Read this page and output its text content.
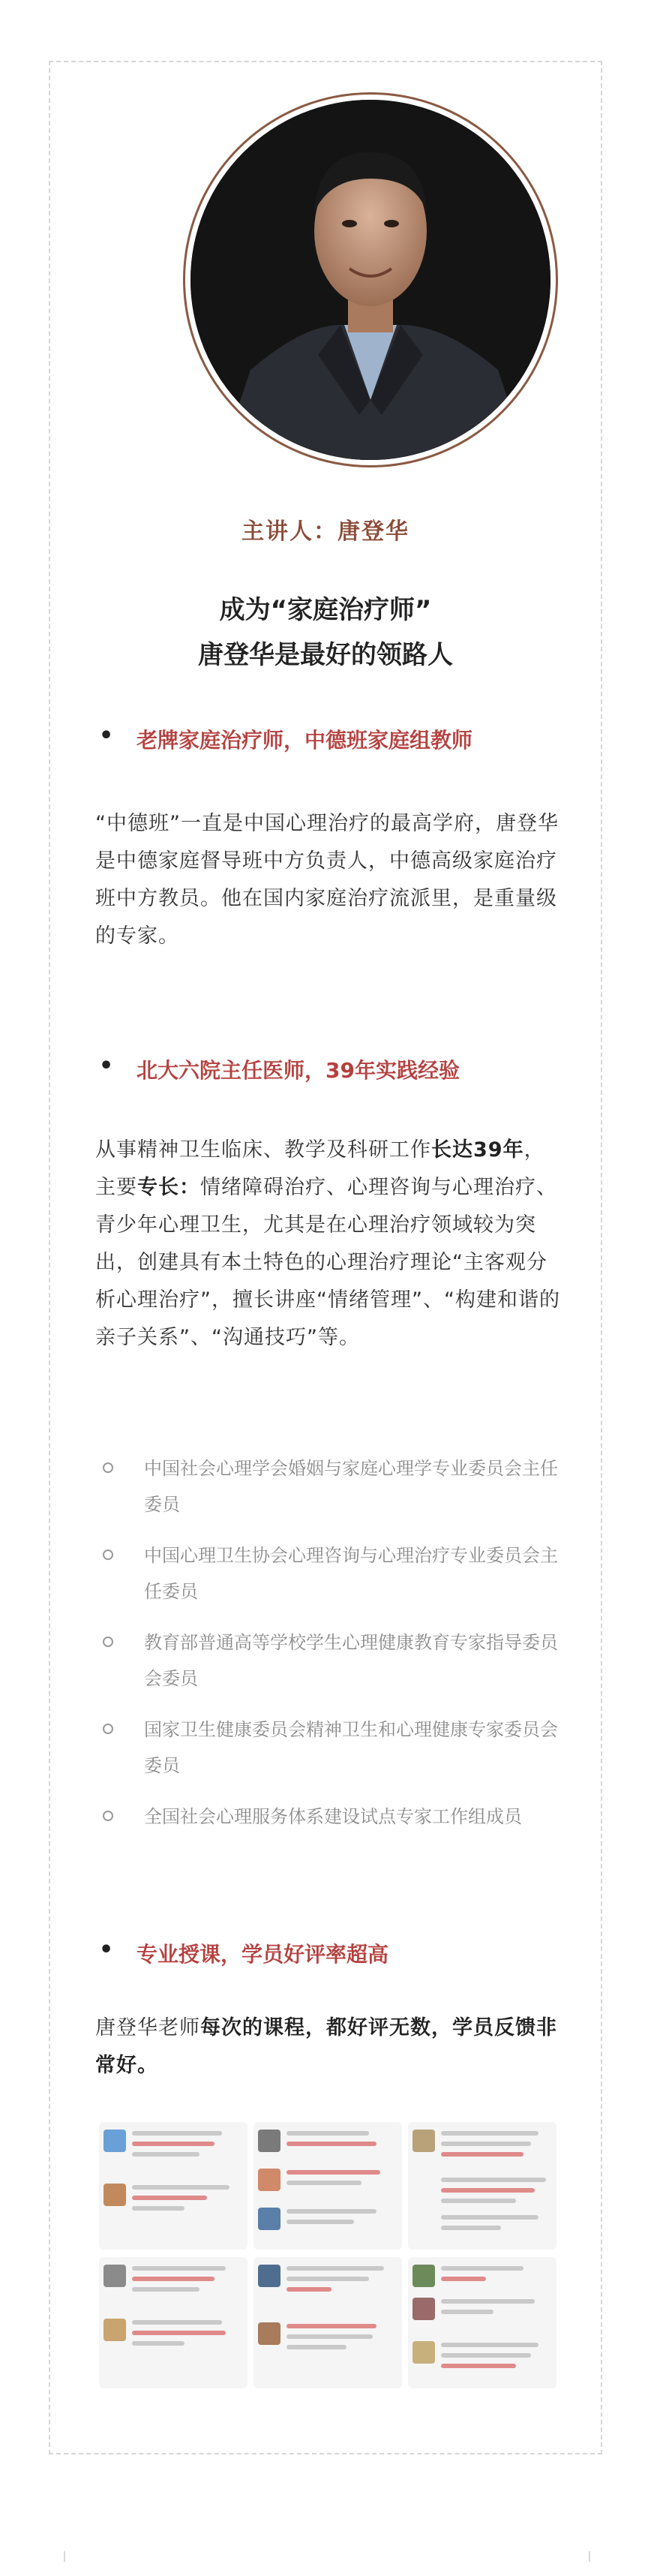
主讲人：唐登华
成为“家庭治疗师”
唐登华是最好的领路人
• 老牌家庭治疗师，中德班家庭组教师
“中德班”一直是中国心理治疗的最高学府，唐登华是中德家庭督导班中方负责人，中德高级家庭治疗班中方教员。他在国内家庭治疗流派里，是重量级的专家。
• 北大六院主任医师，39年实践经验
从事精神卫生临床、教学及科研工作长达39年，主要专长：情绪障碍治疗、心理咨询与心理治疗、青少年心理卫生，尤其是在心理治疗领域较为突出，创建具有本土特色的心理治疗理论“主客观分析心理治疗”，擅长讲座“情绪管理”、“构建和谐的亲子关系”、“沟通技巧”等。
中国社会心理学会婚姻与家庭心理学专业委员会主任委员
中国心理卫生协会心理咨询与心理治疗专业委员会主任委员
教育部普通高等学校学生心理健康教育专家指导委员会委员
国家卫生健康委员会精神卫生和心理健康专家委员会委员
全国社会心理服务体系建设试点专家工作组成员
• 专业授课，学员好评率超高
唐登华老师每次的课程，都好评无数，学员反馈非常好。
